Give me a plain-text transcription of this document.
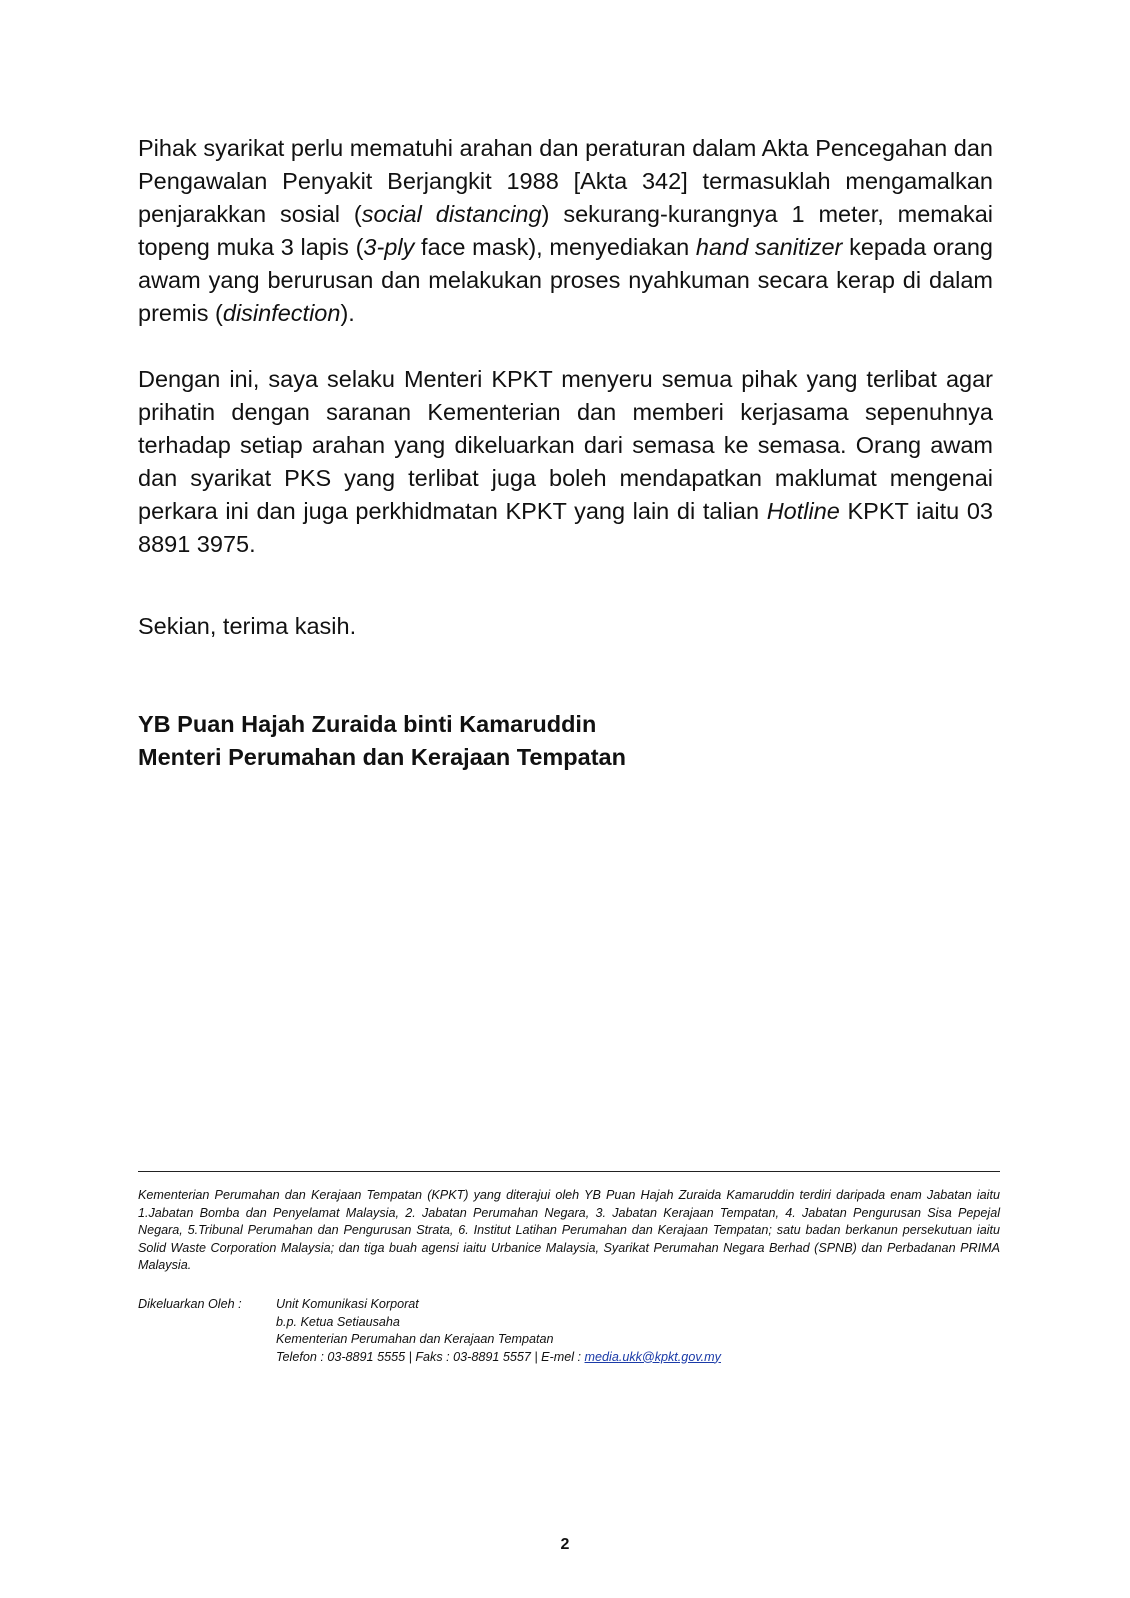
Pihak syarikat perlu mematuhi arahan dan peraturan dalam Akta Pencegahan dan Pengawalan Penyakit Berjangkit 1988 [Akta 342] termasuklah mengamalkan penjarakkan sosial (social distancing) sekurang-kurangnya 1 meter, memakai topeng muka 3 lapis (3-ply face mask), menyediakan hand sanitizer kepada orang awam yang berurusan dan melakukan proses nyahkuman secara kerap di dalam premis (disinfection).

Dengan ini, saya selaku Menteri KPKT menyeru semua pihak yang terlibat agar prihatin dengan saranan Kementerian dan memberi kerjasama sepenuhnya terhadap setiap arahan yang dikeluarkan dari semasa ke semasa. Orang awam dan syarikat PKS yang terlibat juga boleh mendapatkan maklumat mengenai perkara ini dan juga perkhidmatan KPKT yang lain di talian Hotline KPKT iaitu 03 8891 3975.

Sekian, terima kasih.

YB Puan Hajah Zuraida binti Kamaruddin
Menteri Perumahan dan Kerajaan Tempatan

Kementerian Perumahan dan Kerajaan Tempatan (KPKT) yang diterajui oleh YB Puan Hajah Zuraida Kamaruddin terdiri daripada enam Jabatan iaitu 1.Jabatan Bomba dan Penyelamat Malaysia, 2. Jabatan Perumahan Negara, 3. Jabatan Kerajaan Tempatan, 4. Jabatan Pengurusan Sisa Pepejal Negara, 5.Tribunal Perumahan dan Pengurusan Strata, 6. Institut Latihan Perumahan dan Kerajaan Tempatan; satu badan berkanun persekutuan iaitu Solid Waste Corporation Malaysia; dan tiga buah agensi iaitu Urbanice Malaysia, Syarikat Perumahan Negara Berhad (SPNB) dan Perbadanan PRIMA Malaysia.

Dikeluarkan Oleh :	Unit Komunikasi Korporat
b.p. Ketua Setiausaha
Kementerian Perumahan dan Kerajaan Tempatan
Telefon : 03-8891 5555 | Faks : 03-8891 5557 | E-mel : media.ukk@kpkt.gov.my
2
